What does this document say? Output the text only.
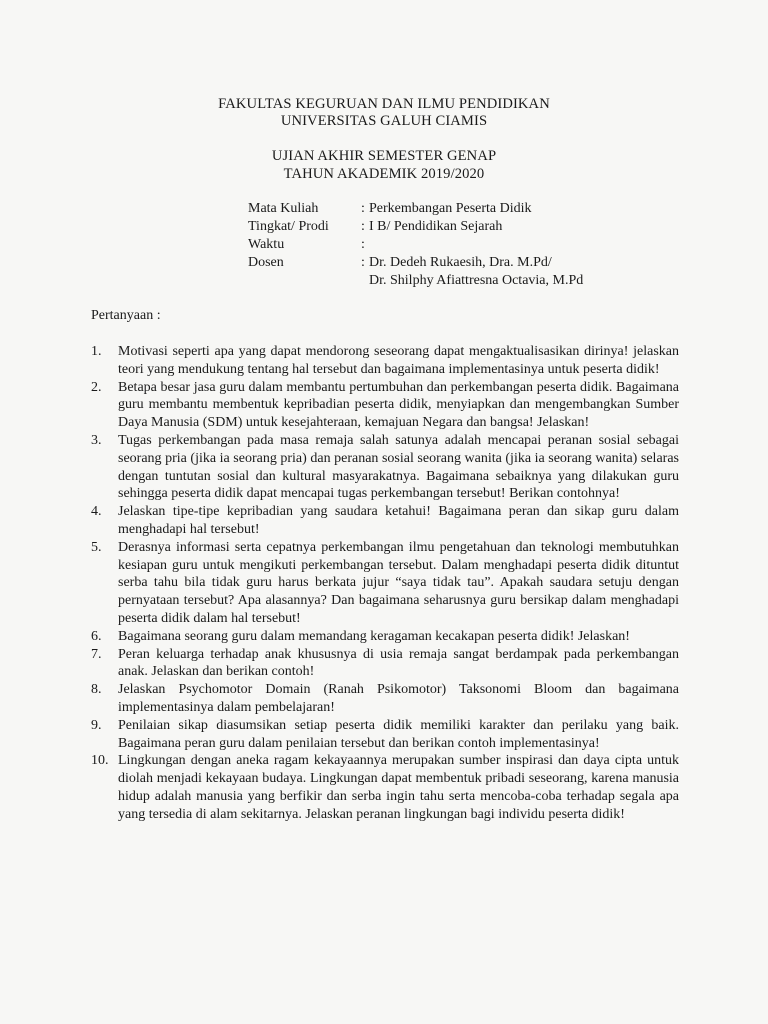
FAKULTAS KEGURUAN DAN ILMU PENDIDIKAN
UNIVERSITAS GALUH CIAMIS
UJIAN AKHIR SEMESTER GENAP
TAHUN AKADEMIK 2019/2020
Mata Kuliah	: Perkembangan Peserta Didik
Tingkat/ Prodi	: I B/ Pendidikan Sejarah
Waktu	:
Dosen	: Dr. Dedeh Rukaesih, Dra. M.Pd/
Dr. Shilphy Afiattresna Octavia, M.Pd
Pertanyaan :
1.	Motivasi seperti apa yang dapat mendorong seseorang dapat mengaktualisasikan dirinya! jelaskan teori yang mendukung tentang hal tersebut dan bagaimana implementasinya untuk peserta didik!
2.	Betapa besar jasa guru dalam membantu pertumbuhan dan perkembangan peserta didik. Bagaimana guru membantu membentuk kepribadian peserta didik, menyiapkan dan mengembangkan Sumber Daya Manusia (SDM) untuk kesejahteraan, kemajuan Negara dan bangsa! Jelaskan!
3.	Tugas perkembangan pada masa remaja salah satunya adalah mencapai peranan sosial sebagai seorang pria (jika ia seorang pria) dan peranan sosial seorang wanita (jika ia seorang wanita) selaras dengan tuntutan sosial dan kultural masyarakatnya. Bagaimana sebaiknya yang dilakukan guru sehingga peserta didik dapat mencapai tugas perkembangan tersebut! Berikan contohnya!
4.	Jelaskan tipe-tipe kepribadian yang saudara ketahui! Bagaimana peran dan sikap guru dalam menghadapi hal tersebut!
5.	Derasnya informasi serta cepatnya perkembangan ilmu pengetahuan dan teknologi membutuhkan kesiapan guru untuk mengikuti perkembangan tersebut. Dalam menghadapi peserta didik dituntut serba tahu bila tidak guru harus berkata jujur “saya tidak tau”. Apakah saudara setuju dengan pernyataan tersebut? Apa alasannya? Dan bagaimana seharusnya guru bersikap dalam menghadapi peserta didik dalam hal tersebut!
6.	Bagaimana seorang guru dalam memandang keragaman kecakapan peserta didik! Jelaskan!
7.	Peran keluarga terhadap anak khususnya di usia remaja sangat berdampak pada perkembangan anak. Jelaskan dan berikan contoh!
8.	Jelaskan Psychomotor Domain (Ranah Psikomotor) Taksonomi Bloom dan bagaimana implementasinya dalam pembelajaran!
9.	Penilaian sikap diasumsikan setiap peserta didik memiliki karakter dan perilaku yang baik. Bagaimana peran guru dalam penilaian tersebut dan berikan contoh implementasinya!
10. Lingkungan dengan aneka ragam kekayaannya merupakan sumber inspirasi dan daya cipta untuk diolah menjadi kekayaan budaya. Lingkungan dapat membentuk pribadi seseorang, karena manusia hidup adalah manusia yang berfikir dan serba ingin tahu serta mencoba-coba terhadap segala apa yang tersedia di alam sekitarnya. Jelaskan peranan lingkungan bagi individu peserta didik!
